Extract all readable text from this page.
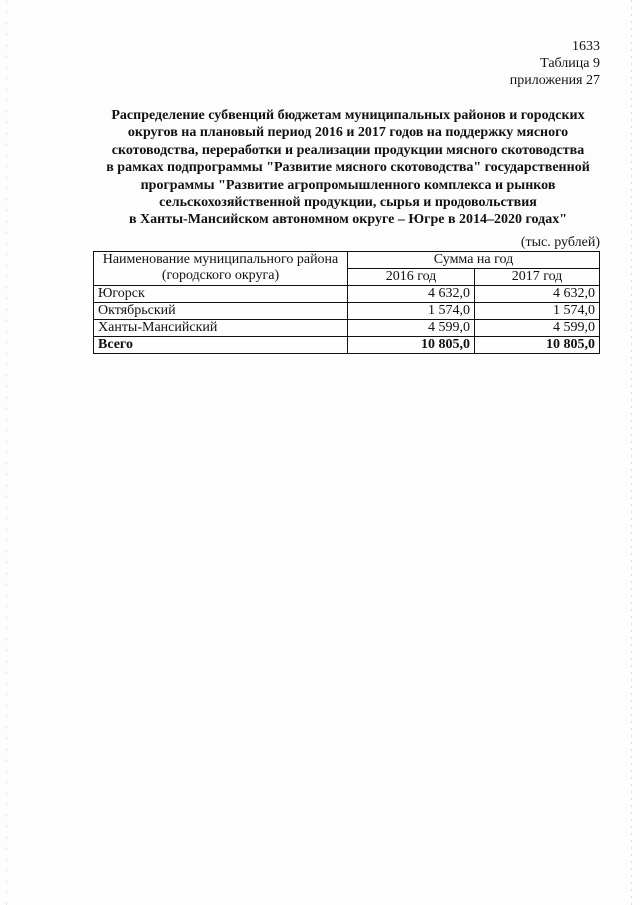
1633
Таблица 9
приложения 27
Распределение субвенций бюджетам муниципальных районов и городских
округов на плановый период 2016 и 2017 годов на поддержку мясного
скотоводства, переработки и реализации продукции мясного скотоводства
в рамках подпрограммы "Развитие мясного скотоводства" государственной
программы "Развитие агропромышленного комплекса и рынков
сельскохозяйственной продукции, сырья и продовольствия
в Ханты-Мансийском автономном округе – Югре в 2014–2020 годах"
(тыс. рублей)
Наименование муниципального района
(городского округа)	Сумма на год	
	2016 год	2017 год
Югорск	4 632,0	4 632,0
Октябрьский	1 574,0	1 574,0
Ханты-Мансийский	4 599,0	4 599,0
Всего	10 805,0	10 805,0
